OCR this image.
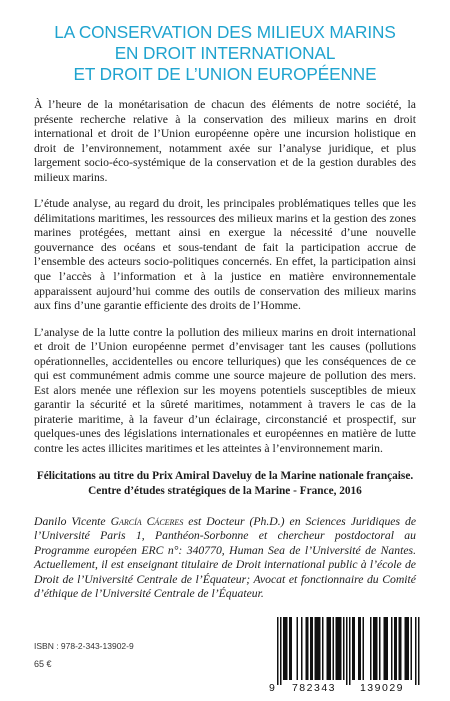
LA CONSERVATION DES MILIEUX MARINS
EN DROIT INTERNATIONAL
ET DROIT DE L’UNION EUROPÉENNE

À l’heure de la monétarisation de chacun des éléments de notre société, la présente recherche relative à la conservation des milieux marins en droit international et droit de l’Union européenne opère une incursion holistique en droit de l’environnement, notamment axée sur l’analyse juridique, et plus largement socio-éco-systémique de la conservation et de la gestion durables des milieux marins.

L’étude analyse, au regard du droit, les principales problématiques telles que les délimitations maritimes, les ressources des milieux marins et la gestion des zones marines protégées, mettant ainsi en exergue la nécessité d’une nouvelle gouvernance des océans et sous-tendant de fait la participation accrue de l’ensemble des acteurs socio-politiques concernés. En effet, la participation ainsi que l’accès à l’information et à la justice en matière environnementale apparaissent aujourd’hui comme des outils de conservation des milieux marins aux fins d’une garantie efficiente des droits de l’Homme.

L’analyse de la lutte contre la pollution des milieux marins en droit international et droit de l’Union européenne permet d’envisager tant les causes (pollutions opérationnelles, accidentelles ou encore telluriques) que les conséquences de ce qui est communément admis comme une source majeure de pollution des mers. Est alors menée une réflexion sur les moyens potentiels susceptibles de mieux garantir la sécurité et la sûreté maritimes, notamment à travers le cas de la piraterie maritime, à la faveur d’un éclairage, circonstancié et prospectif, sur quelques-unes des législations internationales et européennes en matière de lutte contre les actes illicites maritimes et les atteintes à l’environnement marin.

Félicitations au titre du Prix Amiral Daveluy de la Marine nationale française.
Centre d’études stratégiques de la Marine - France, 2016
Danilo Vicente García Cáceres est Docteur (Ph.D.) en Sciences Juridiques de l’Université Paris 1, Panthéon-Sorbonne et chercheur postdoctoral au Programme européen ERC n°: 340770, Human Sea de l’Université de Nantes. Actuellement, il est enseignant titulaire de Droit international public à l’école de Droit de l’Université Centrale de l’Équateur; Avocat et fonctionnaire du Comité d’éthique de l’Université Centrale de l’Équateur.
ISBN : 978-2-343-13902-9
65 €
9 782343 139029
